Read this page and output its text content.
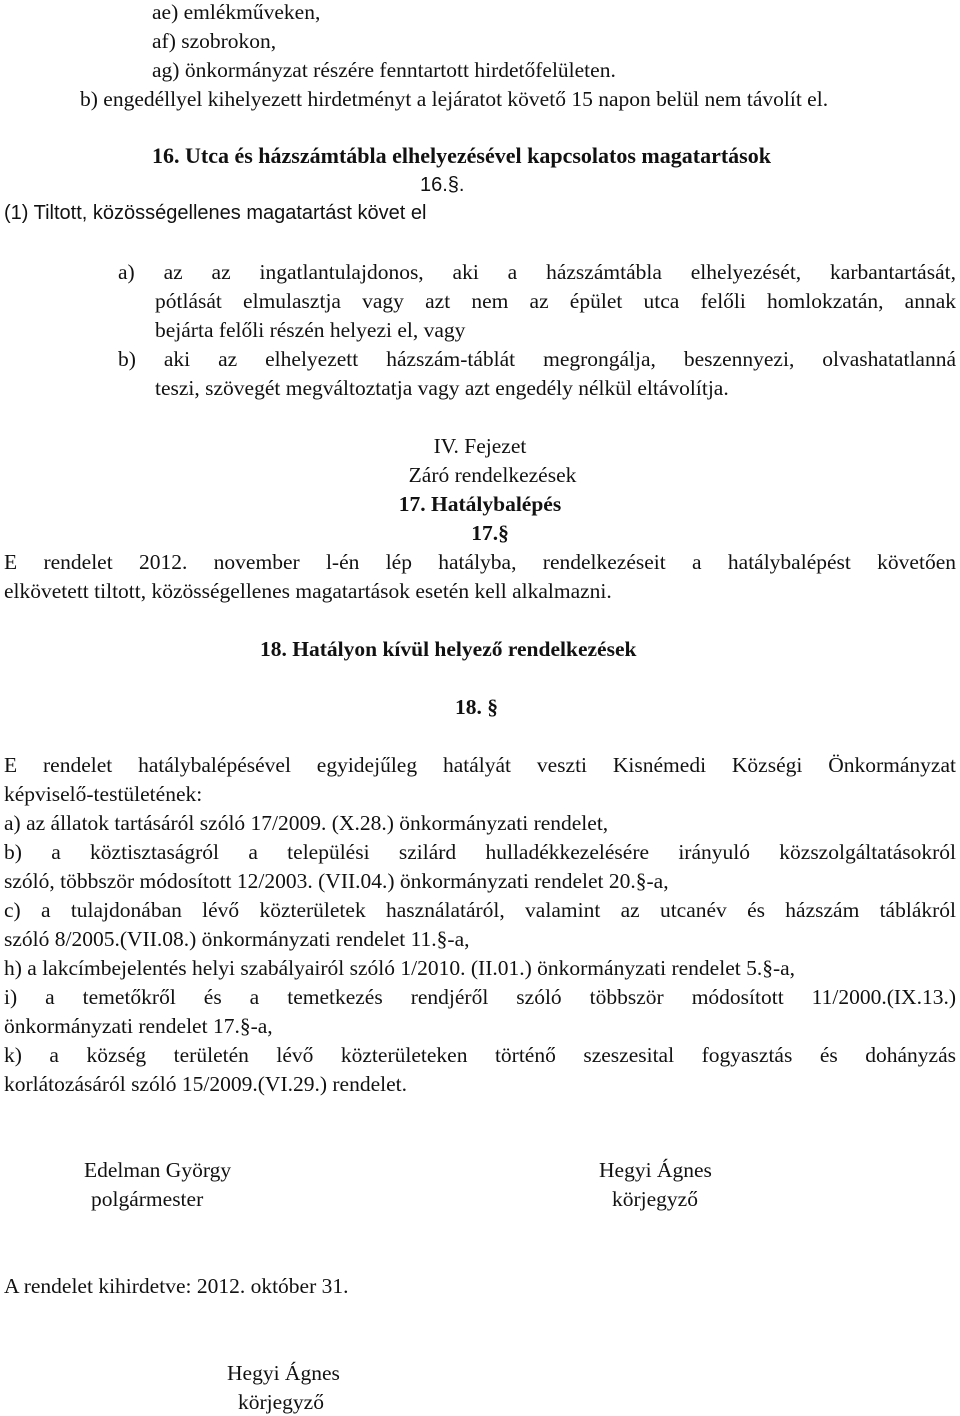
ae) emlékműveken,
af) szobrokon,
ag) önkormányzat részére fenntartott hirdetőfelületen.
b) engedéllyel kihelyezett hirdetményt a lejáratot követő 15 napon belül nem távolít el.
16. Utca és házszámtábla elhelyezésével kapcsolatos magatartások
16.§.
(1) Tiltott, közösségellenes magatartást követ el
a) az az ingatlantulajdonos, aki a házszámtábla elhelyezését, karbantartását,
pótlását elmulasztja vagy azt nem az épület utca felőli homlokzatán, annak
bejárta felőli részén helyezi el, vagy
b) aki az elhelyezett házszám-táblát megrongálja, beszennyezi, olvashatatlanná
teszi, szövegét megváltoztatja vagy azt engedély nélkül eltávolítja.
IV. Fejezet
Záró rendelkezések
17. Hatálybalépés
17.§
E rendelet 2012. november l-én lép hatályba, rendelkezéseit a hatálybalépést követően
elkövetett tiltott, közösségellenes magatartások esetén kell alkalmazni.
18. Hatályon kívül helyező rendelkezések
18. §
E rendelet hatálybalépésével egyidejűleg hatályát veszti Kisnémedi Községi Önkormányzat
képviselő-testületének:
a) az állatok tartásáról szóló 17/2009. (X.28.) önkormányzati rendelet,
b) a köztisztaságról a települési szilárd hulladékkezelésére irányuló közszolgáltatásokról
szóló, többször módosított 12/2003. (VII.04.) önkormányzati rendelet 20.§-a,
c) a tulajdonában lévő közterületek használatáról, valamint az utcanév és házszám táblákról
szóló 8/2005.(VII.08.) önkormányzati rendelet 11.§-a,
h) a lakcímbejelentés helyi szabályairól szóló 1/2010. (II.01.) önkormányzati rendelet 5.§-a,
i) a temetőkről és a temetkezés rendjéről szóló többször módosított 11/2000.(IX.13.)
önkormányzati rendelet 17.§-a,
k) a község területén lévő közterületeken történő szeszesital fogyasztás és dohányzás
korlátozásáról szóló 15/2009.(VI.29.) rendelet.
Edelman György
polgármester
Hegyi Ágnes
körjegyző
A rendelet kihirdetve: 2012. október 31.
Hegyi Ágnes
körjegyző
